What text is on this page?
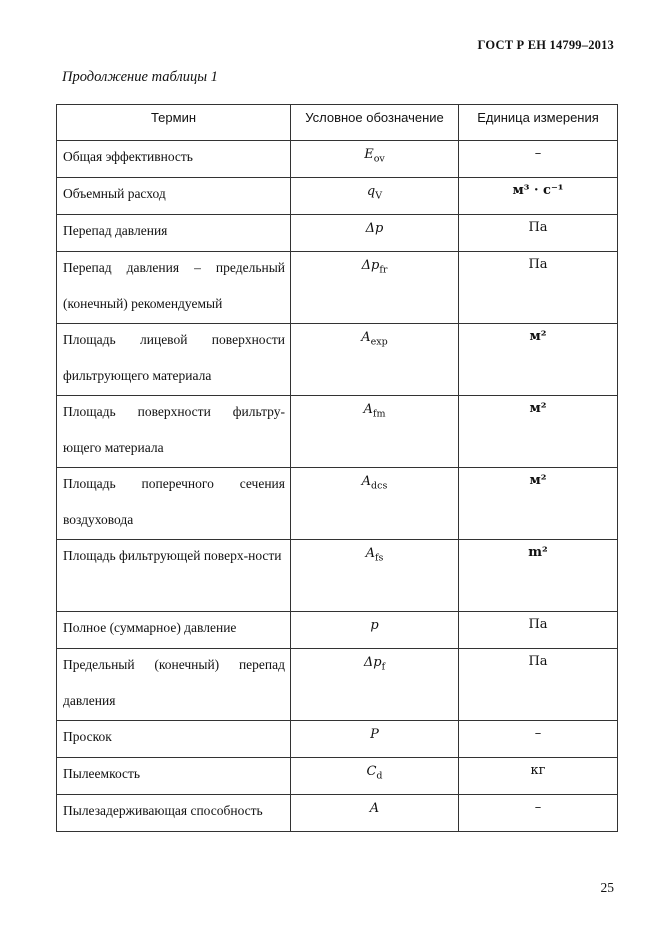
ГОСТ Р ЕН 14799–2013
Продолжение таблицы 1
Термин	Условное обозначение	Единица измерения

Общая эффективность	$E_{ov}$	–

Объемный расход	$q_V$	м³ · с⁻¹

Перепад давления	Δp	Па

Перепад давления – предельный (конечный) рекомендуемый	$\Delta p_{fr}$	Па

Площадь лицевой поверхности фильтрующего материала	$A_{exp}$	м²

Площадь поверхности фильтру-ющего материала	$A_{fm}$	м²

Площадь поперечного сечения воздуховода	$A_{dcs}$	м²

Площадь фильтрующей поверх-ности	$A_{fs}$	m²

Полное (суммарное) давление	p	Па

Предельный (конечный) перепад давления	$\Delta p_f$	Па

Проскок	P	–

Пылеемкость	$C_d$	кг

Пылезадерживающая способность	A	–
25
